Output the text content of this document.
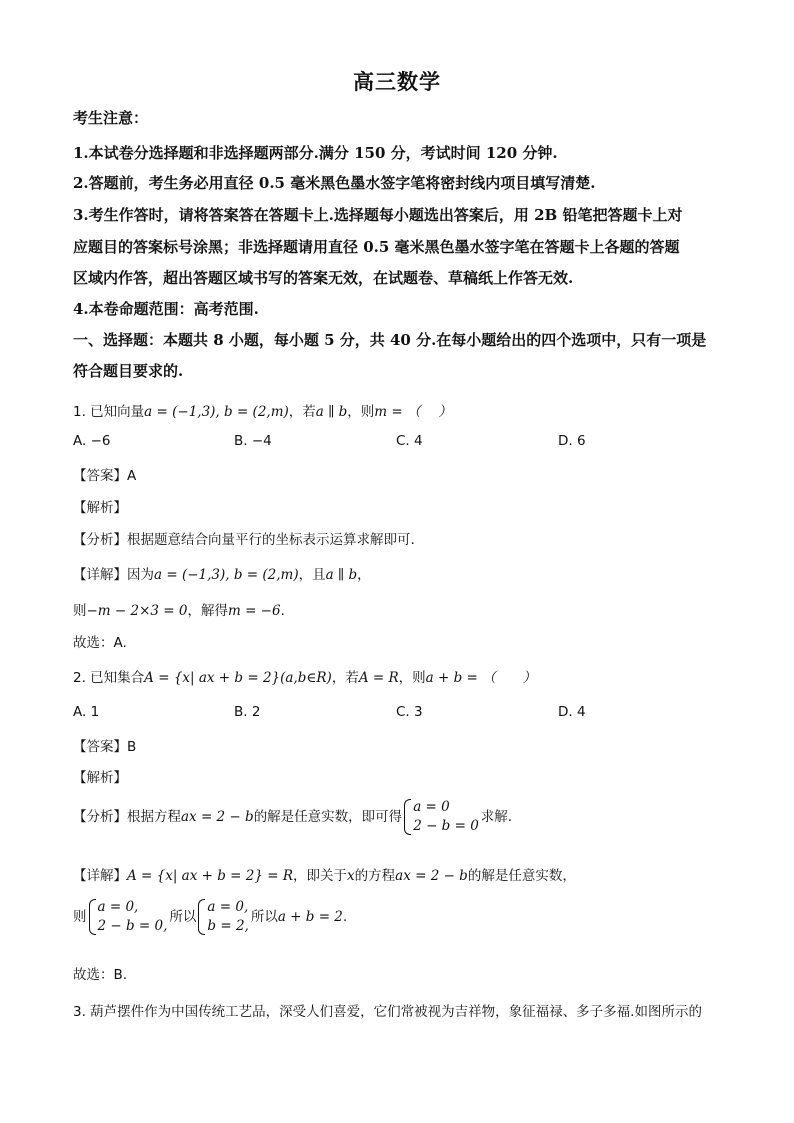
高三数学
考生注意：
1.本试卷分选择题和非选择题两部分.满分 150 分，考试时间 120 分钟.
2.答题前，考生务必用直径 0.5 毫米黑色墨水签字笔将密封线内项目填写清楚.
3.考生作答时，请将答案答在答题卡上.选择题每小题选出答案后，用 2B 铅笔把答题卡上对
应题目的答案标号涂黑；非选择题请用直径 0.5 毫米黑色墨水签字笔在答题卡上各题的答题
区域内作答，超出答题区域书写的答案无效，在试题卷、草稿纸上作答无效.
4.本卷命题范围：高考范围.
一、选择题：本题共 8 小题，每小题 5 分，共 40 分.在每小题给出的四个选项中，只有一项是
符合题目要求的.
1. 已知向量a = (−1,3), b = (2,m)，若a ∥ b，则m = （　 ）
A. −6	B. −4	C. 4	D. 6
【答案】A
【解析】
【分析】根据题意结合向量平行的坐标表示运算求解即可.
【详解】因为a = (−1,3), b = (2,m)，且a ∥ b，
则−m − 2×3 = 0，解得m = −6.
故选：A.
2. 已知集合A = {x| ax + b = 2}(a,b∈R)，若A = R，则a + b = （　　）
A. 1	B. 2	C. 3	D. 4
【答案】B
【解析】
【分析】根据方程ax = 2 − b的解是任意实数，即可得
a = 0
2 − b = 0
求解.
【详解】A = {x| ax + b = 2} = R，即关于x的方程ax = 2 − b的解是任意实数，
则
a = 0,
2 − b = 0,
所以
a = 0,
b = 2,
所以a + b = 2.
故选：B.
3. 葫芦摆件作为中国传统工艺品，深受人们喜爱，它们常被视为吉祥物，象征福禄、多子多福.如图所示的
